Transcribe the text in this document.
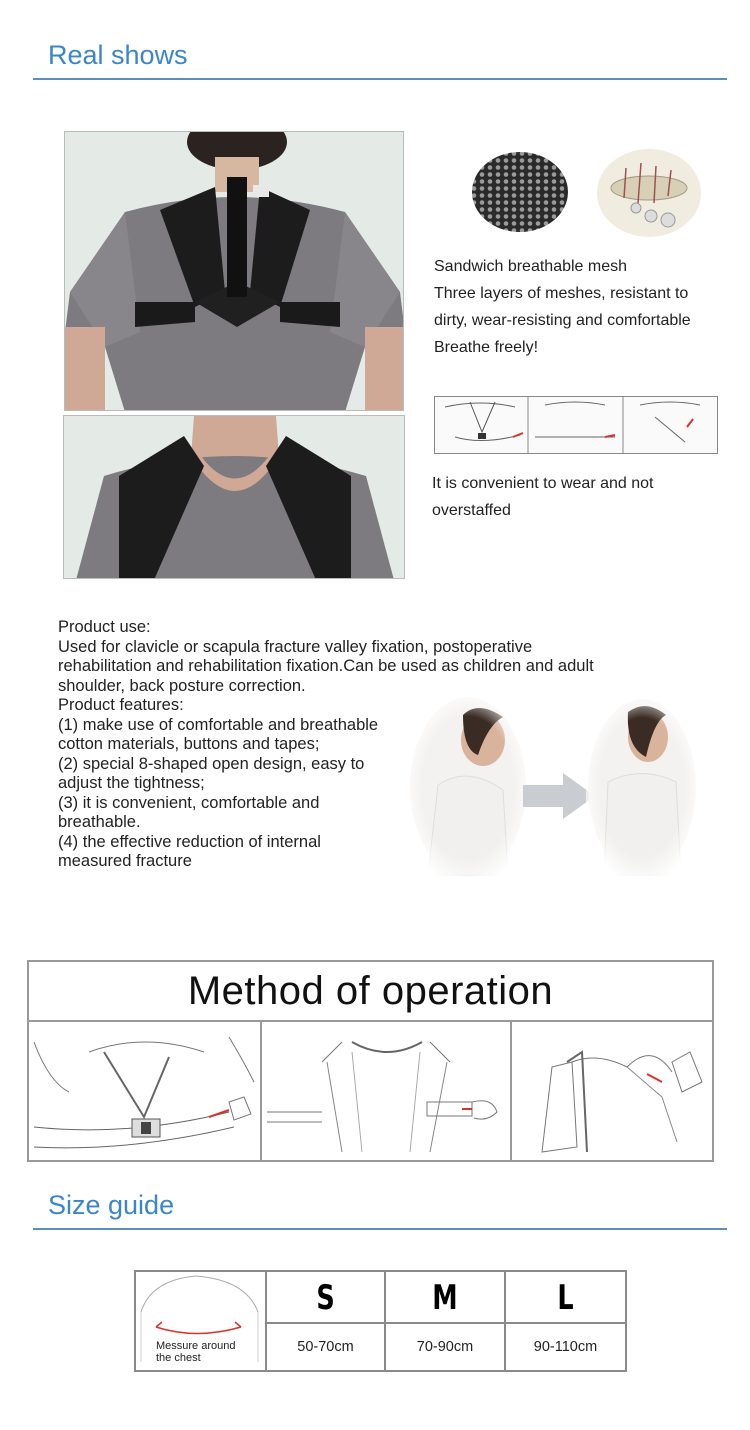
Real shows
Sandwich breathable mesh
Three layers of meshes, resistant to
dirty, wear-resisting and comfortable
Breathe freely!
It is convenient to wear and not
overstaffed

Product use:

Used for clavicle or scapula fracture valley fixation, postoperative

rehabilitation and rehabilitation fixation.Can be used as children and adult

shoulder, back posture correction.

Product features:

(1) make use of comfortable and breathable

cotton materials, buttons and tapes;

(2) special 8-shaped open design, easy to

adjust the tightness;

(3) it is convenient, comfortable and

breathable.

(4) the effective reduction of internal

measured fracture

Method of operation
Size guide
Messure around
the chest
S
50-70cm
M
70-90cm
L
90-110cm
